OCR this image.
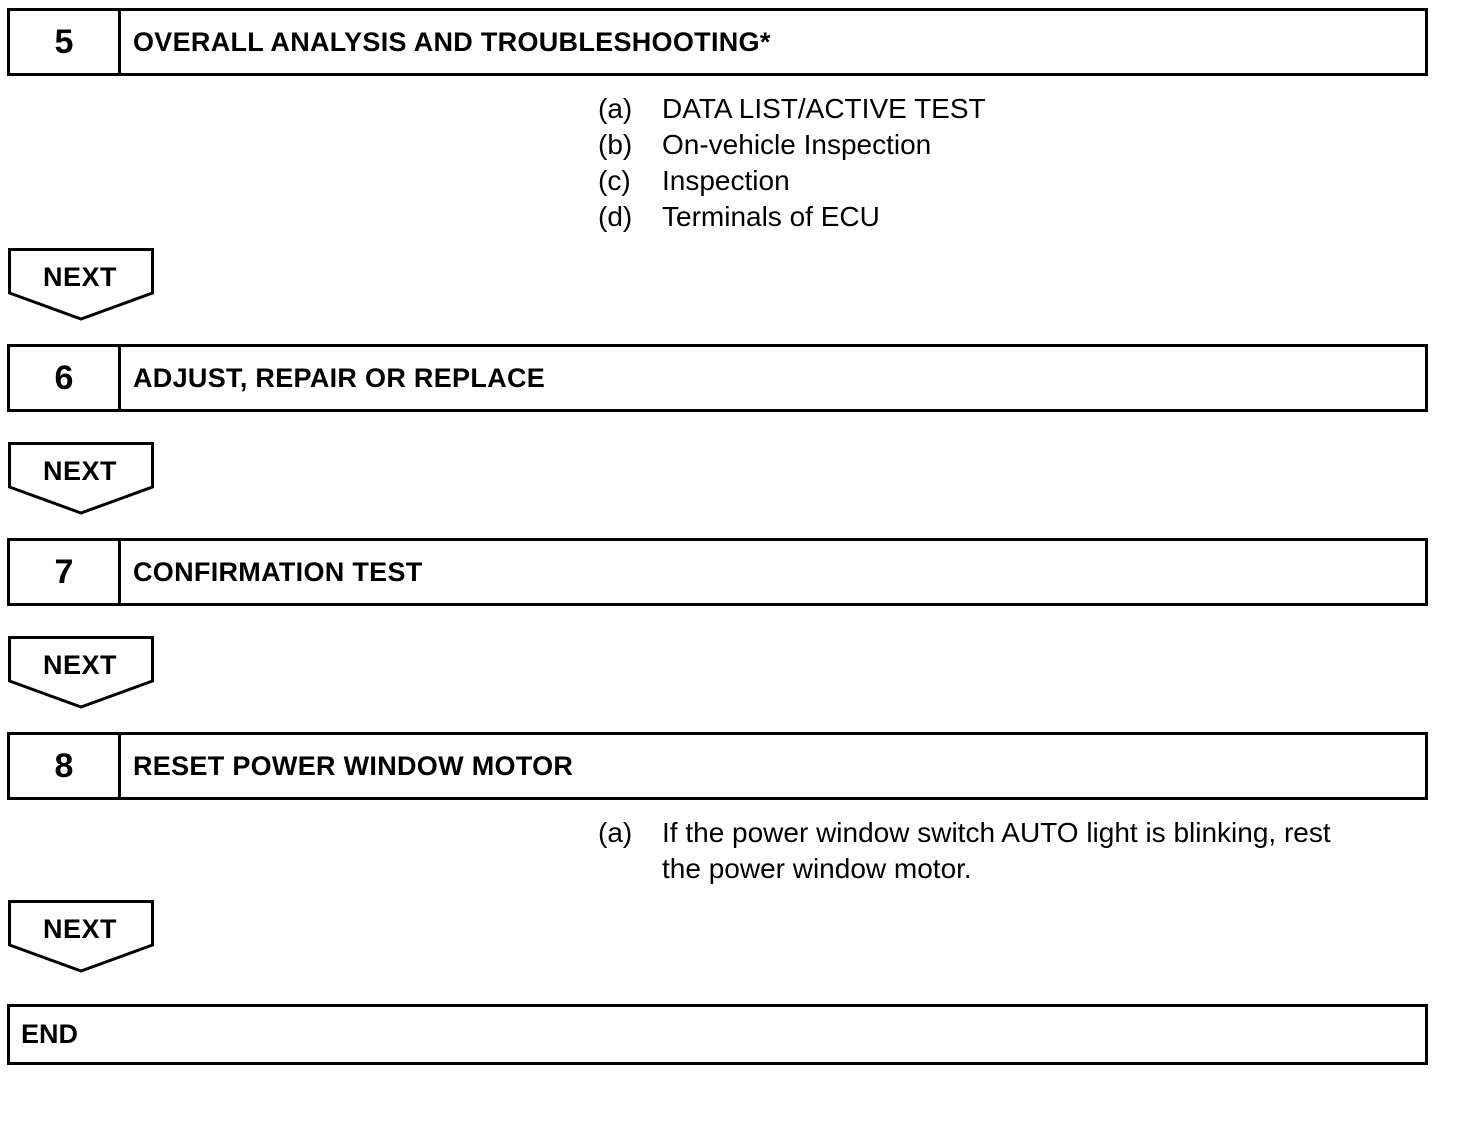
5	OVERALL ANALYSIS AND TROUBLESHOOTING*
(a) DATA LIST/ACTIVE TEST
(b) On-vehicle Inspection
(c) Inspection
(d) Terminals of ECU
NEXT
6	ADJUST, REPAIR OR REPLACE
NEXT
7	CONFIRMATION TEST
NEXT
8	RESET POWER WINDOW MOTOR
(a) If the power window switch AUTO light is blinking, rest
the power window motor.
NEXT
END
